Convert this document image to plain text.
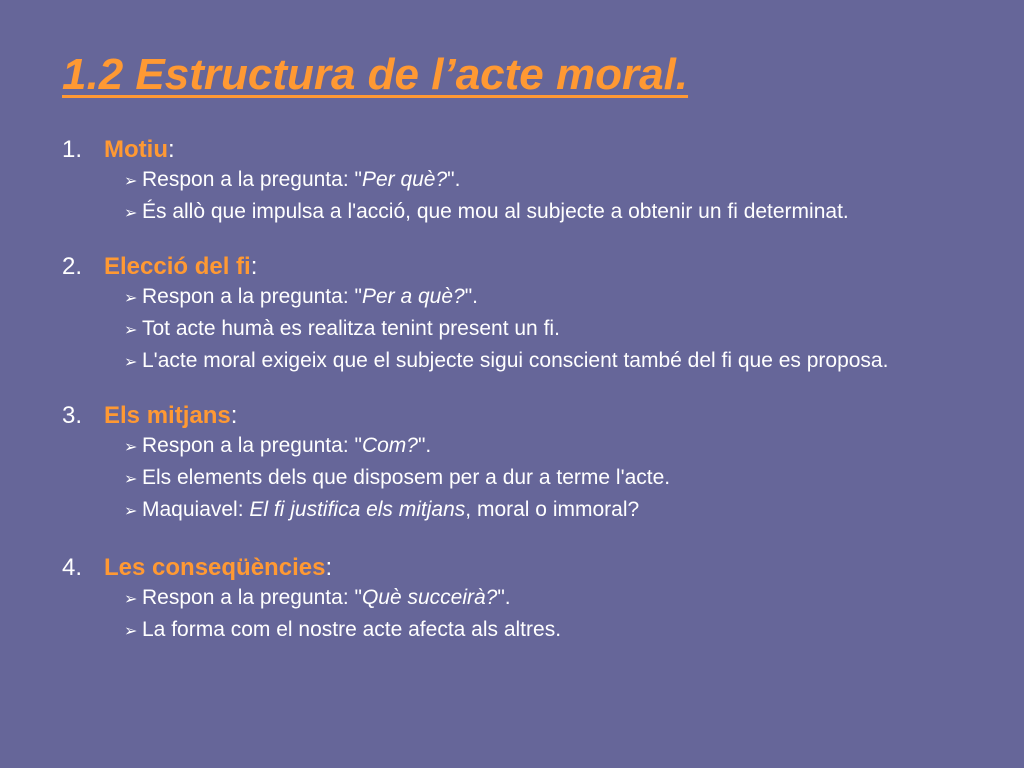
1.2 Estructura de l’acte moral.
1. Motiu :
➢ Respon a la pregunta: "Per què?".
➢ És allò que impulsa a l'acció, que mou al subjecte a obtenir un fi determinat.
2. Elecció del fi :
➢ Respon a la pregunta: "Per a què?".
➢ Tot acte humà es realitza tenint present un fi.
➢ L'acte moral exigeix que el subjecte sigui conscient també del fi que es proposa.
3. Els mitjans :
➢ Respon a la pregunta: "Com?".
➢ Els elements dels que disposem per a dur a terme l'acte.
➢ Maquiavel: El fi justifica els mitjans, moral o immoral?
4. Les conseqüències :
➢ Respon a la pregunta: "Què succeirà?".
➢ La forma com el nostre acte afecta als altres.
